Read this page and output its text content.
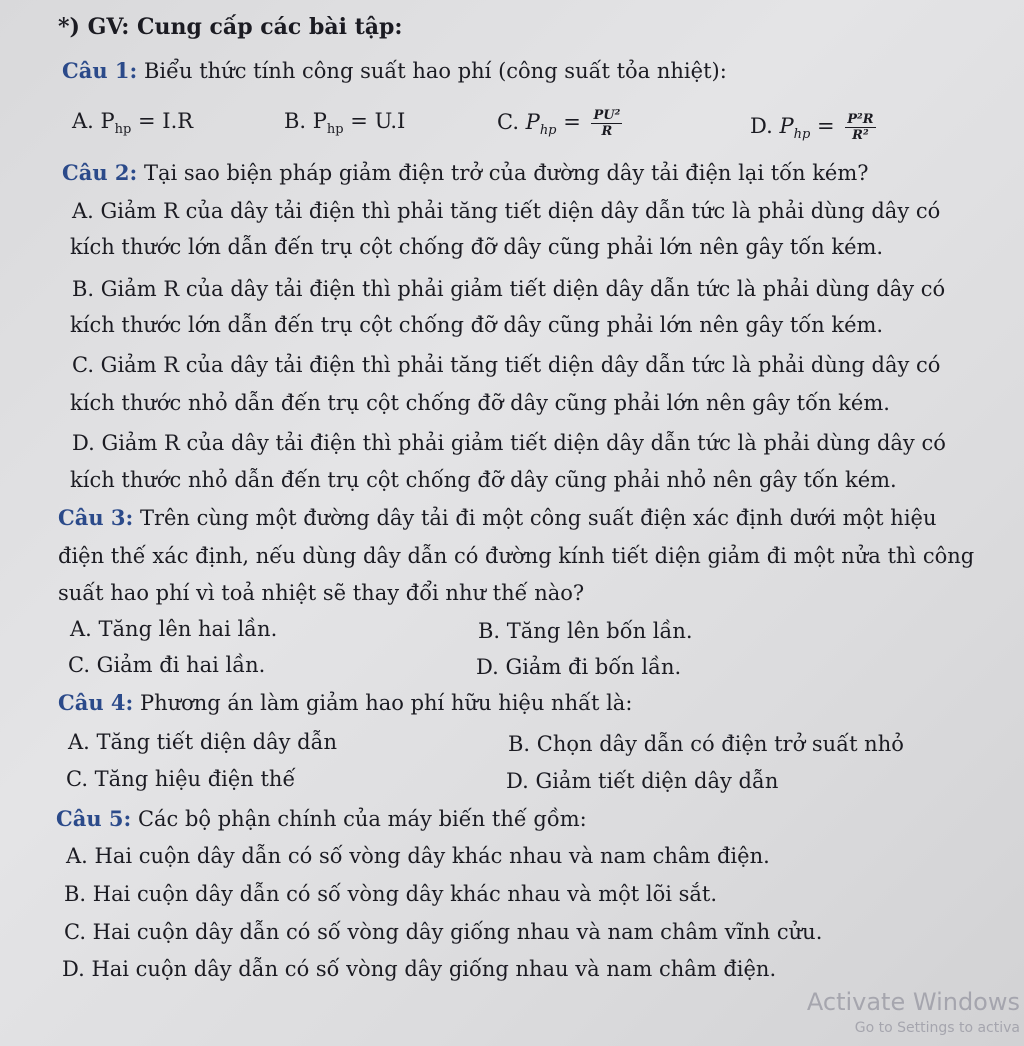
*) GV: Cung cấp các bài tập:
Câu 1: Biểu thức tính công suất hao phí (công suất tỏa nhiệt):
A. $P_{hp} = I.R$	B. $P_{hp} = U.I$	C. $P_{hp} = \frac{\text{PU²}}{R}$	D. $P_{hp} = \frac{\text{P²R}}{\text{R²}}$
Câu 2: Tại sao biện pháp giảm điện trở của đường dây tải điện lại tốn kém?
A. Giảm R của dây tải điện thì phải tăng tiết diện dây dẫn tức là phải dùng dây có
kích thước lớn dẫn đến trụ cột chống đỡ dây cũng phải lớn nên gây tốn kém.
B. Giảm R của dây tải điện thì phải giảm tiết diện dây dẫn tức là phải dùng dây có
kích thước lớn dẫn đến trụ cột chống đỡ dây cũng phải lớn nên gây tốn kém.
C. Giảm R của dây tải điện thì phải tăng tiết diện dây dẫn tức là phải dùng dây có
kích thước nhỏ dẫn đến trụ cột chống đỡ dây cũng phải lớn nên gây tốn kém.
D. Giảm R của dây tải điện thì phải giảm tiết diện dây dẫn tức là phải dùng dây có
kích thước nhỏ dẫn đến trụ cột chống đỡ dây cũng phải nhỏ nên gây tốn kém.
Câu 3: Trên cùng một đường dây tải đi một công suất điện xác định dưới một hiệu
điện thế xác định, nếu dùng dây dẫn có đường kính tiết diện giảm đi một nửa thì công
suất hao phí vì toả nhiệt sẽ thay đổi như thế nào?
A. Tăng lên hai lần.	B. Tăng lên bốn lần.
C. Giảm đi hai lần.	D. Giảm đi bốn lần.
Câu 4: Phương án làm giảm hao phí hữu hiệu nhất là:
A. Tăng tiết diện dây dẫn	B. Chọn dây dẫn có điện trở suất nhỏ
C. Tăng hiệu điện thế	D. Giảm tiết diện dây dẫn
Câu 5: Các bộ phận chính của máy biến thế gồm:
A. Hai cuộn dây dẫn có số vòng dây khác nhau và nam châm điện.
B. Hai cuộn dây dẫn có số vòng dây khác nhau và một lõi sắt.
C. Hai cuộn dây dẫn có số vòng dây giống nhau và nam châm vĩnh cửu.
D. Hai cuộn dây dẫn có số vòng dây giống nhau và nam châm điện.
Activate Windows
Go to Settings to activa
